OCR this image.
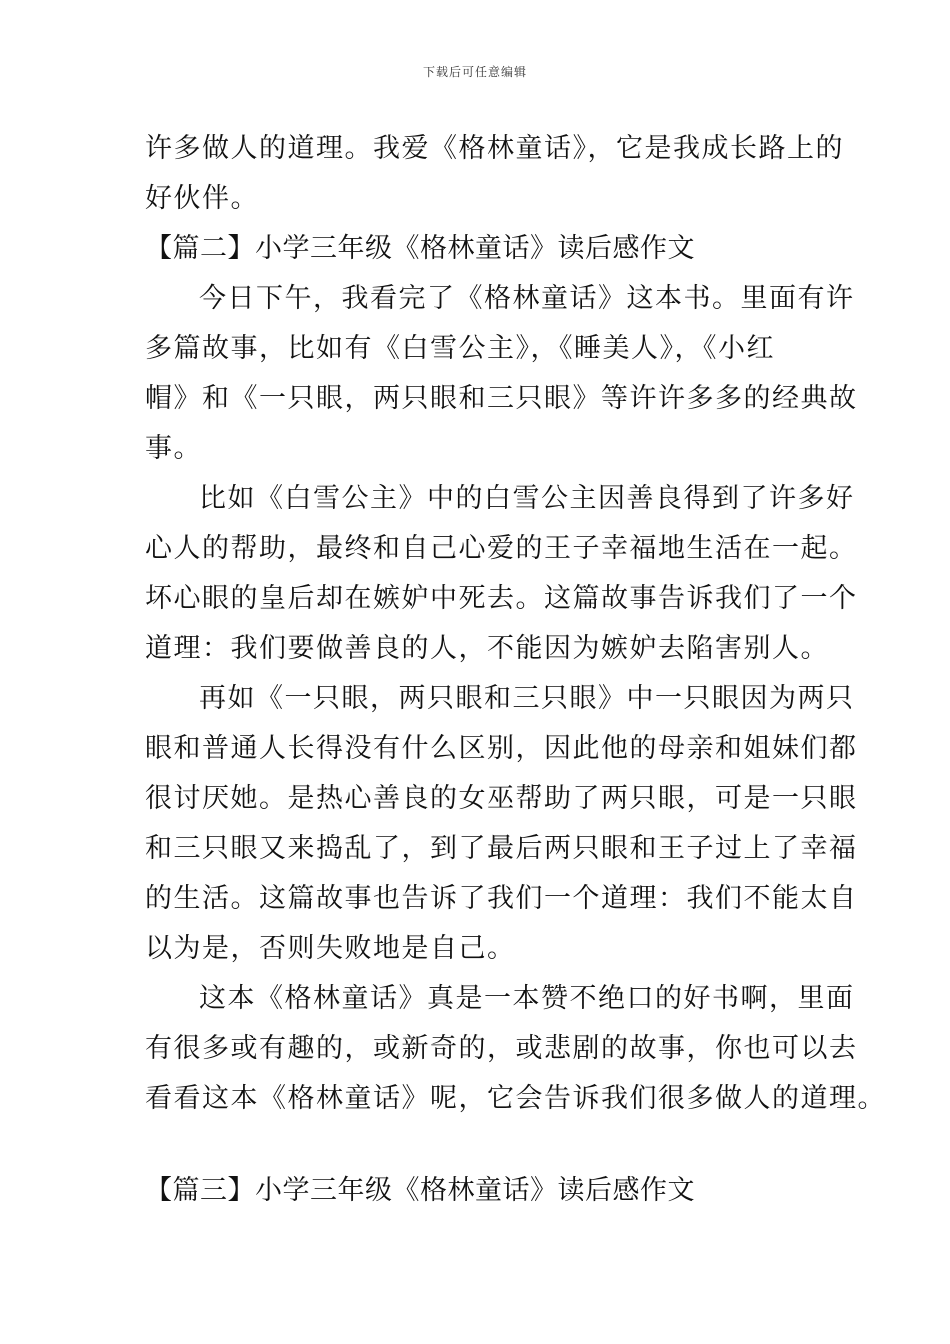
下载后可任意编辑
许多做人的道理。我爱《格林童话》，它是我成长路上的
好伙伴。
【篇二】小学三年级《格林童话》读后感作文
今日下午，我看完了《格林童话》这本书。里面有许
多篇故事，比如有《白雪公主》，《睡美人》，《小红
帽》和《一只眼，两只眼和三只眼》等许许多多的经典故
事。
比如《白雪公主》中的白雪公主因善良得到了许多好
心人的帮助，最终和自己心爱的王子幸福地生活在一起。
坏心眼的皇后却在嫉妒中死去。这篇故事告诉我们了一个
道理：我们要做善良的人，不能因为嫉妒去陷害别人。
再如《一只眼，两只眼和三只眼》中一只眼因为两只
眼和普通人长得没有什么区别，因此他的母亲和姐妹们都
很讨厌她。是热心善良的女巫帮助了两只眼，可是一只眼
和三只眼又来捣乱了，到了最后两只眼和王子过上了幸福
的生活。这篇故事也告诉了我们一个道理：我们不能太自
以为是，否则失败地是自己。
这本《格林童话》真是一本赞不绝口的好书啊，里面
有很多或有趣的，或新奇的，或悲剧的故事，你也可以去
看看这本《格林童话》呢，它会告诉我们很多做人的道理。
【篇三】小学三年级《格林童话》读后感作文
